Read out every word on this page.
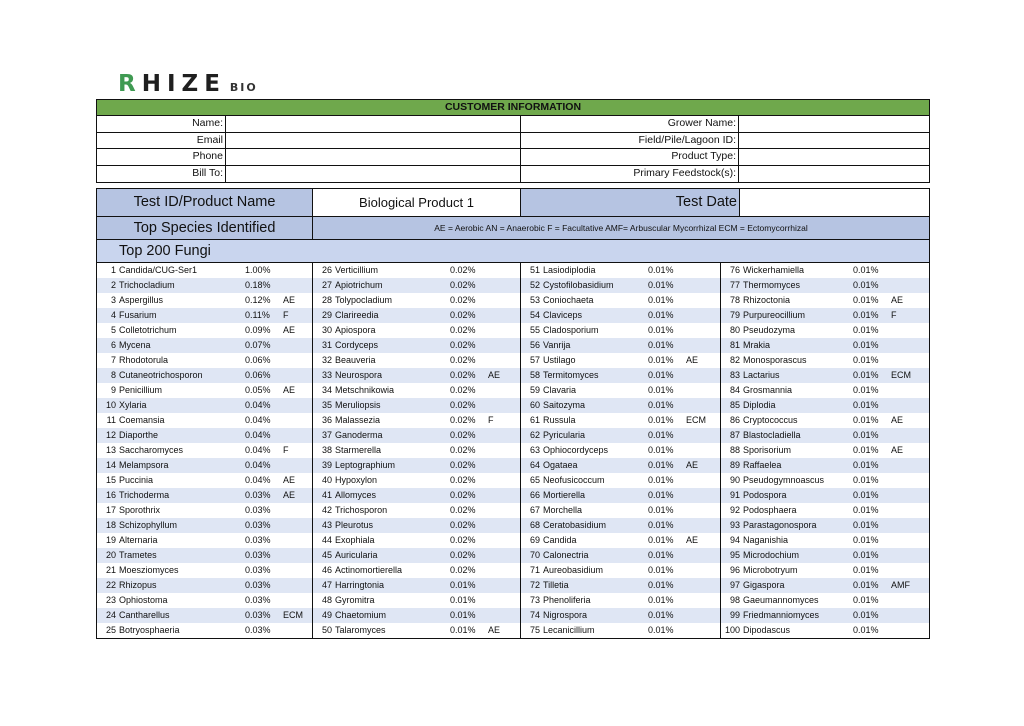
RHIZE BIO
CUSTOMER INFORMATION
Name:	Grower Name:
Email	Field/Pile/Lagoon ID:
Phone	Product Type:
Bill To:	Primary Feedstock(s):
Test ID/Product Name	Biological Product 1	Test Date
Top Species Identified	AE = Aerobic AN = Anaerobic F = Facultative AMF= Arbuscular Mycorrhizal ECM = Ectomycorrhizal
Top 200 Fungi
1 Candida/CUG-Ser1	1.00%
2 Trichocladium	0.18%
3 Aspergillus	0.12%	AE
4 Fusarium	0.11%	F
5 Colletotrichum	0.09%	AE
6 Mycena	0.07%
7 Rhodotorula	0.06%
8 Cutaneotrichosporon	0.06%
9 Penicillium	0.05%	AE
10 Xylaria	0.04%
11 Coemansia	0.04%
12 Diaporthe	0.04%
13 Saccharomyces	0.04%	F
14 Melampsora	0.04%
15 Puccinia	0.04%	AE
16 Trichoderma	0.03%	AE
17 Sporothrix	0.03%
18 Schizophyllum	0.03%
19 Alternaria	0.03%
20 Trametes	0.03%
21 Moesziomyces	0.03%
22 Rhizopus	0.03%
23 Ophiostoma	0.03%
24 Cantharellus	0.03%	ECM
25 Botryosphaeria	0.03%
26 Verticillium	0.02%
27 Apiotrichum	0.02%
28 Tolypocladium	0.02%
29 Clarireedia	0.02%
30 Apiospora	0.02%
31 Cordyceps	0.02%
32 Beauveria	0.02%
33 Neurospora	0.02%	AE
34 Metschnikowia	0.02%
35 Meruliopsis	0.02%
36 Malassezia	0.02%	F
37 Ganoderma	0.02%
38 Starmerella	0.02%
39 Leptographium	0.02%
40 Hypoxylon	0.02%
41 Allomyces	0.02%
42 Trichosporon	0.02%
43 Pleurotus	0.02%
44 Exophiala	0.02%
45 Auricularia	0.02%
46 Actinomortierella	0.02%
47 Harringtonia	0.01%
48 Gyromitra	0.01%
49 Chaetomium	0.01%
50 Talaromyces	0.01%	AE
51 Lasiodiplodia	0.01%
52 Cystofilobasidium	0.01%
53 Coniochaeta	0.01%
54 Claviceps	0.01%
55 Cladosporium	0.01%
56 Vanrija	0.01%
57 Ustilago	0.01%	AE
58 Termitomyces	0.01%
59 Clavaria	0.01%
60 Saitozyma	0.01%
61 Russula	0.01%	ECM
62 Pyricularia	0.01%
63 Ophiocordyceps	0.01%
64 Ogataea	0.01%	AE
65 Neofusicoccum	0.01%
66 Mortierella	0.01%
67 Morchella	0.01%
68 Ceratobasidium	0.01%
69 Candida	0.01%	AE
70 Calonectria	0.01%
71 Aureobasidium	0.01%
72 Tilletia	0.01%
73 Phenoliferia	0.01%
74 Nigrospora	0.01%
75 Lecanicillium	0.01%
76 Wickerhamiella	0.01%
77 Thermomyces	0.01%
78 Rhizoctonia	0.01%	AE
79 Purpureocillium	0.01%	F
80 Pseudozyma	0.01%
81 Mrakia	0.01%
82 Monosporascus	0.01%
83 Lactarius	0.01%	ECM
84 Grosmannia	0.01%
85 Diplodia	0.01%
86 Cryptococcus	0.01%	AE
87 Blastocladiella	0.01%
88 Sporisorium	0.01%	AE
89 Raffaelea	0.01%
90 Pseudogymnoascus	0.01%
91 Podospora	0.01%
92 Podosphaera	0.01%
93 Parastagonospora	0.01%
94 Naganishia	0.01%
95 Microdochium	0.01%
96 Microbotryum	0.01%
97 Gigaspora	0.01%	AMF
98 Gaeumannomyces	0.01%
99 Friedmanniomyces	0.01%
100 Dipodascus	0.01%
